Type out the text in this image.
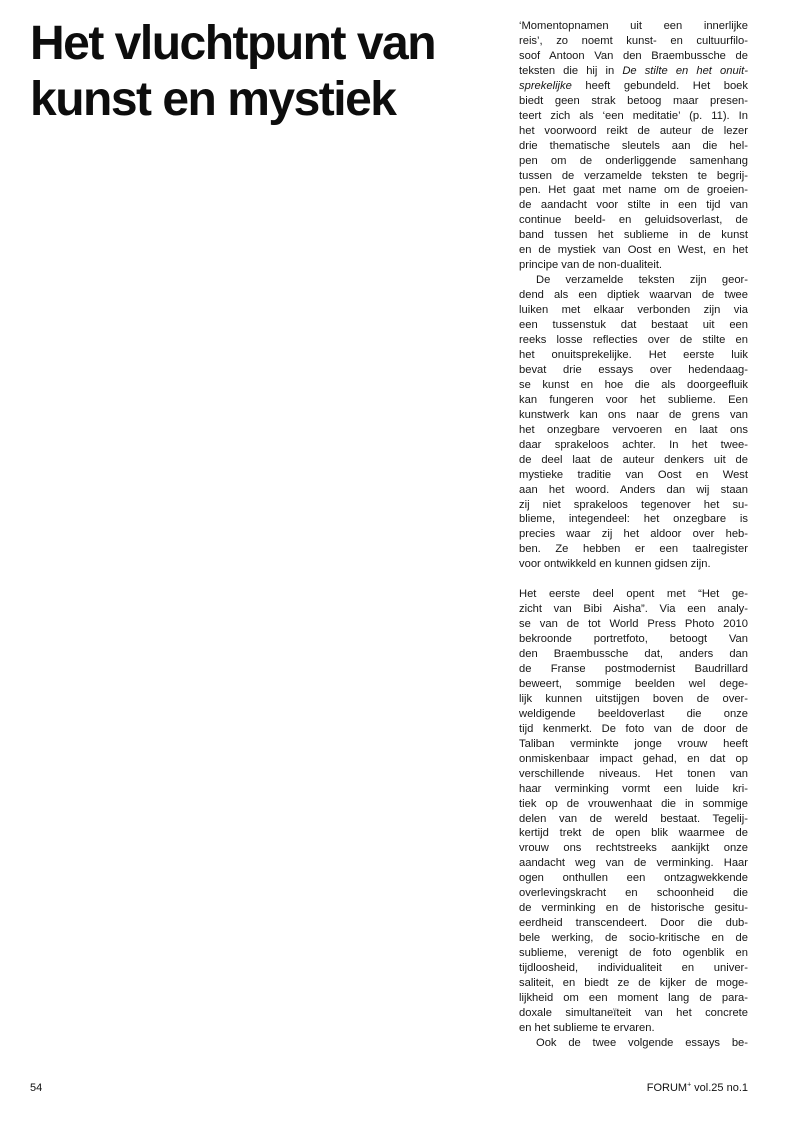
Het vluchtpunt van
kunst en mystiek
‘Momentopnamen uit een innerlijke
reis’, zo noemt kunst- en cultuurfilo-
soof Antoon Van den Braembussche de
teksten die hij in De stilte en het onuit-
sprekelijke heeft gebundeld. Het boek
biedt geen strak betoog maar presen-
teert zich als ‘een meditatie’ (p. 11). In
het voorwoord reikt de auteur de lezer
drie thematische sleutels aan die hel-
pen om de onderliggende samenhang
tussen de verzamelde teksten te begrij-
pen. Het gaat met name om de groeien-
de aandacht voor stilte in een tijd van
continue beeld- en geluidsoverlast, de
band tussen het sublieme in de kunst
en de mystiek van Oost en West, en het
principe van de non-dualiteit.
De verzamelde teksten zijn geor-
dend als een diptiek waarvan de twee
luiken met elkaar verbonden zijn via
een tussenstuk dat bestaat uit een
reeks losse reflecties over de stilte en
het onuitsprekelijke. Het eerste luik
bevat drie essays over hedendaag-
se kunst en hoe die als doorgeefluik
kan fungeren voor het sublieme. Een
kunstwerk kan ons naar de grens van
het onzegbare vervoeren en laat ons
daar sprakeloos achter. In het twee-
de deel laat de auteur denkers uit de
mystieke traditie van Oost en West
aan het woord. Anders dan wij staan
zij niet sprakeloos tegenover het su-
blieme, integendeel: het onzegbare is
precies waar zij het aldoor over heb-
ben. Ze hebben er een taalregister
voor ontwikkeld en kunnen gidsen zijn.
Het eerste deel opent met “Het ge-
zicht van Bibi Aisha”. Via een analy-
se van de tot World Press Photo 2010
bekroonde portretfoto, betoogt Van
den Braembussche dat, anders dan
de Franse postmodernist Baudrillard
beweert, sommige beelden wel dege-
lijk kunnen uitstijgen boven de over-
weldigende beeldoverlast die onze
tijd kenmerkt. De foto van de door de
Taliban verminkte jonge vrouw heeft
onmiskenbaar impact gehad, en dat op
verschillende niveaus. Het tonen van
haar verminking vormt een luide kri-
tiek op de vrouwenhaat die in sommige
delen van de wereld bestaat. Tegelij-
kertijd trekt de open blik waarmee de
vrouw ons rechtstreeks aankijkt onze
aandacht weg van de verminking. Haar
ogen onthullen een ontzagwekkende
overlevingskracht en schoonheid die
de verminking en de historische gesitu-
eerdheid transcendeert. Door die dub-
bele werking, de socio-kritische en de
sublieme, verenigt de foto ogenblik en
tijdloosheid, individualiteit en univer-
saliteit, en biedt ze de kijker de moge-
lijkheid om een moment lang de para-
doxale simultaneïteit van het concrete
en het sublieme te ervaren.
Ook de twee volgende essays be-
54	FORUM+ vol.25 no.1
